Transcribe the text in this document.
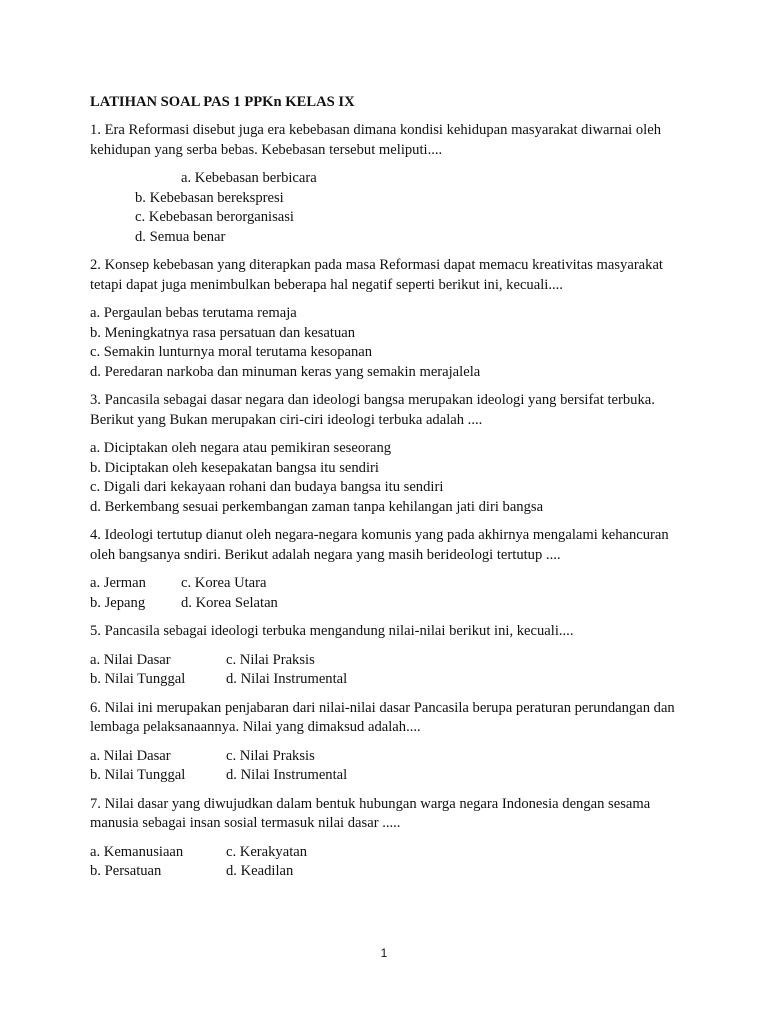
LATIHAN SOAL PAS 1 PPKn KELAS IX
1. Era Reformasi disebut juga era kebebasan dimana kondisi kehidupan masyarakat diwarnai oleh kehidupan yang serba bebas. Kebebasan tersebut meliputi....
a. Kebebasan berbicara
b. Kebebasan berekspresi
c. Kebebasan berorganisasi
d. Semua benar
2. Konsep kebebasan yang diterapkan pada masa Reformasi dapat memacu kreativitas masyarakat tetapi dapat juga menimbulkan beberapa hal negatif seperti berikut ini, kecuali....
a. Pergaulan bebas terutama remaja
b. Meningkatnya rasa persatuan dan kesatuan
c. Semakin lunturnya moral terutama kesopanan
d. Peredaran narkoba dan minuman keras yang semakin merajalela
3. Pancasila sebagai dasar negara dan ideologi bangsa merupakan ideologi yang bersifat terbuka. Berikut yang Bukan merupakan ciri-ciri ideologi terbuka adalah ....
a. Diciptakan oleh negara atau pemikiran seseorang
b. Diciptakan oleh kesepakatan bangsa itu sendiri
c. Digali dari kekayaan rohani dan budaya bangsa itu sendiri
d. Berkembang sesuai perkembangan zaman tanpa kehilangan jati diri bangsa
4. Ideologi tertutup dianut oleh negara-negara komunis yang pada akhirnya mengalami kehancuran oleh bangsanya sndiri. Berikut adalah negara yang masih berideologi tertutup ....
a. Jerman	c. Korea Utara
b. Jepang	d. Korea Selatan
5. Pancasila sebagai ideologi terbuka mengandung nilai-nilai berikut ini, kecuali....
a. Nilai Dasar	c. Nilai Praksis
b. Nilai Tunggal	d. Nilai Instrumental
6. Nilai ini merupakan penjabaran dari nilai-nilai dasar Pancasila berupa peraturan perundangan dan lembaga pelaksanaannya. Nilai yang dimaksud adalah....
a. Nilai Dasar	c. Nilai Praksis
b. Nilai Tunggal	d. Nilai Instrumental
7. Nilai dasar yang diwujudkan dalam bentuk hubungan warga negara Indonesia dengan sesama manusia sebagai insan sosial termasuk nilai dasar .....
a. Kemanusiaan	c. Kerakyatan
b. Persatuan	d. Keadilan
1
